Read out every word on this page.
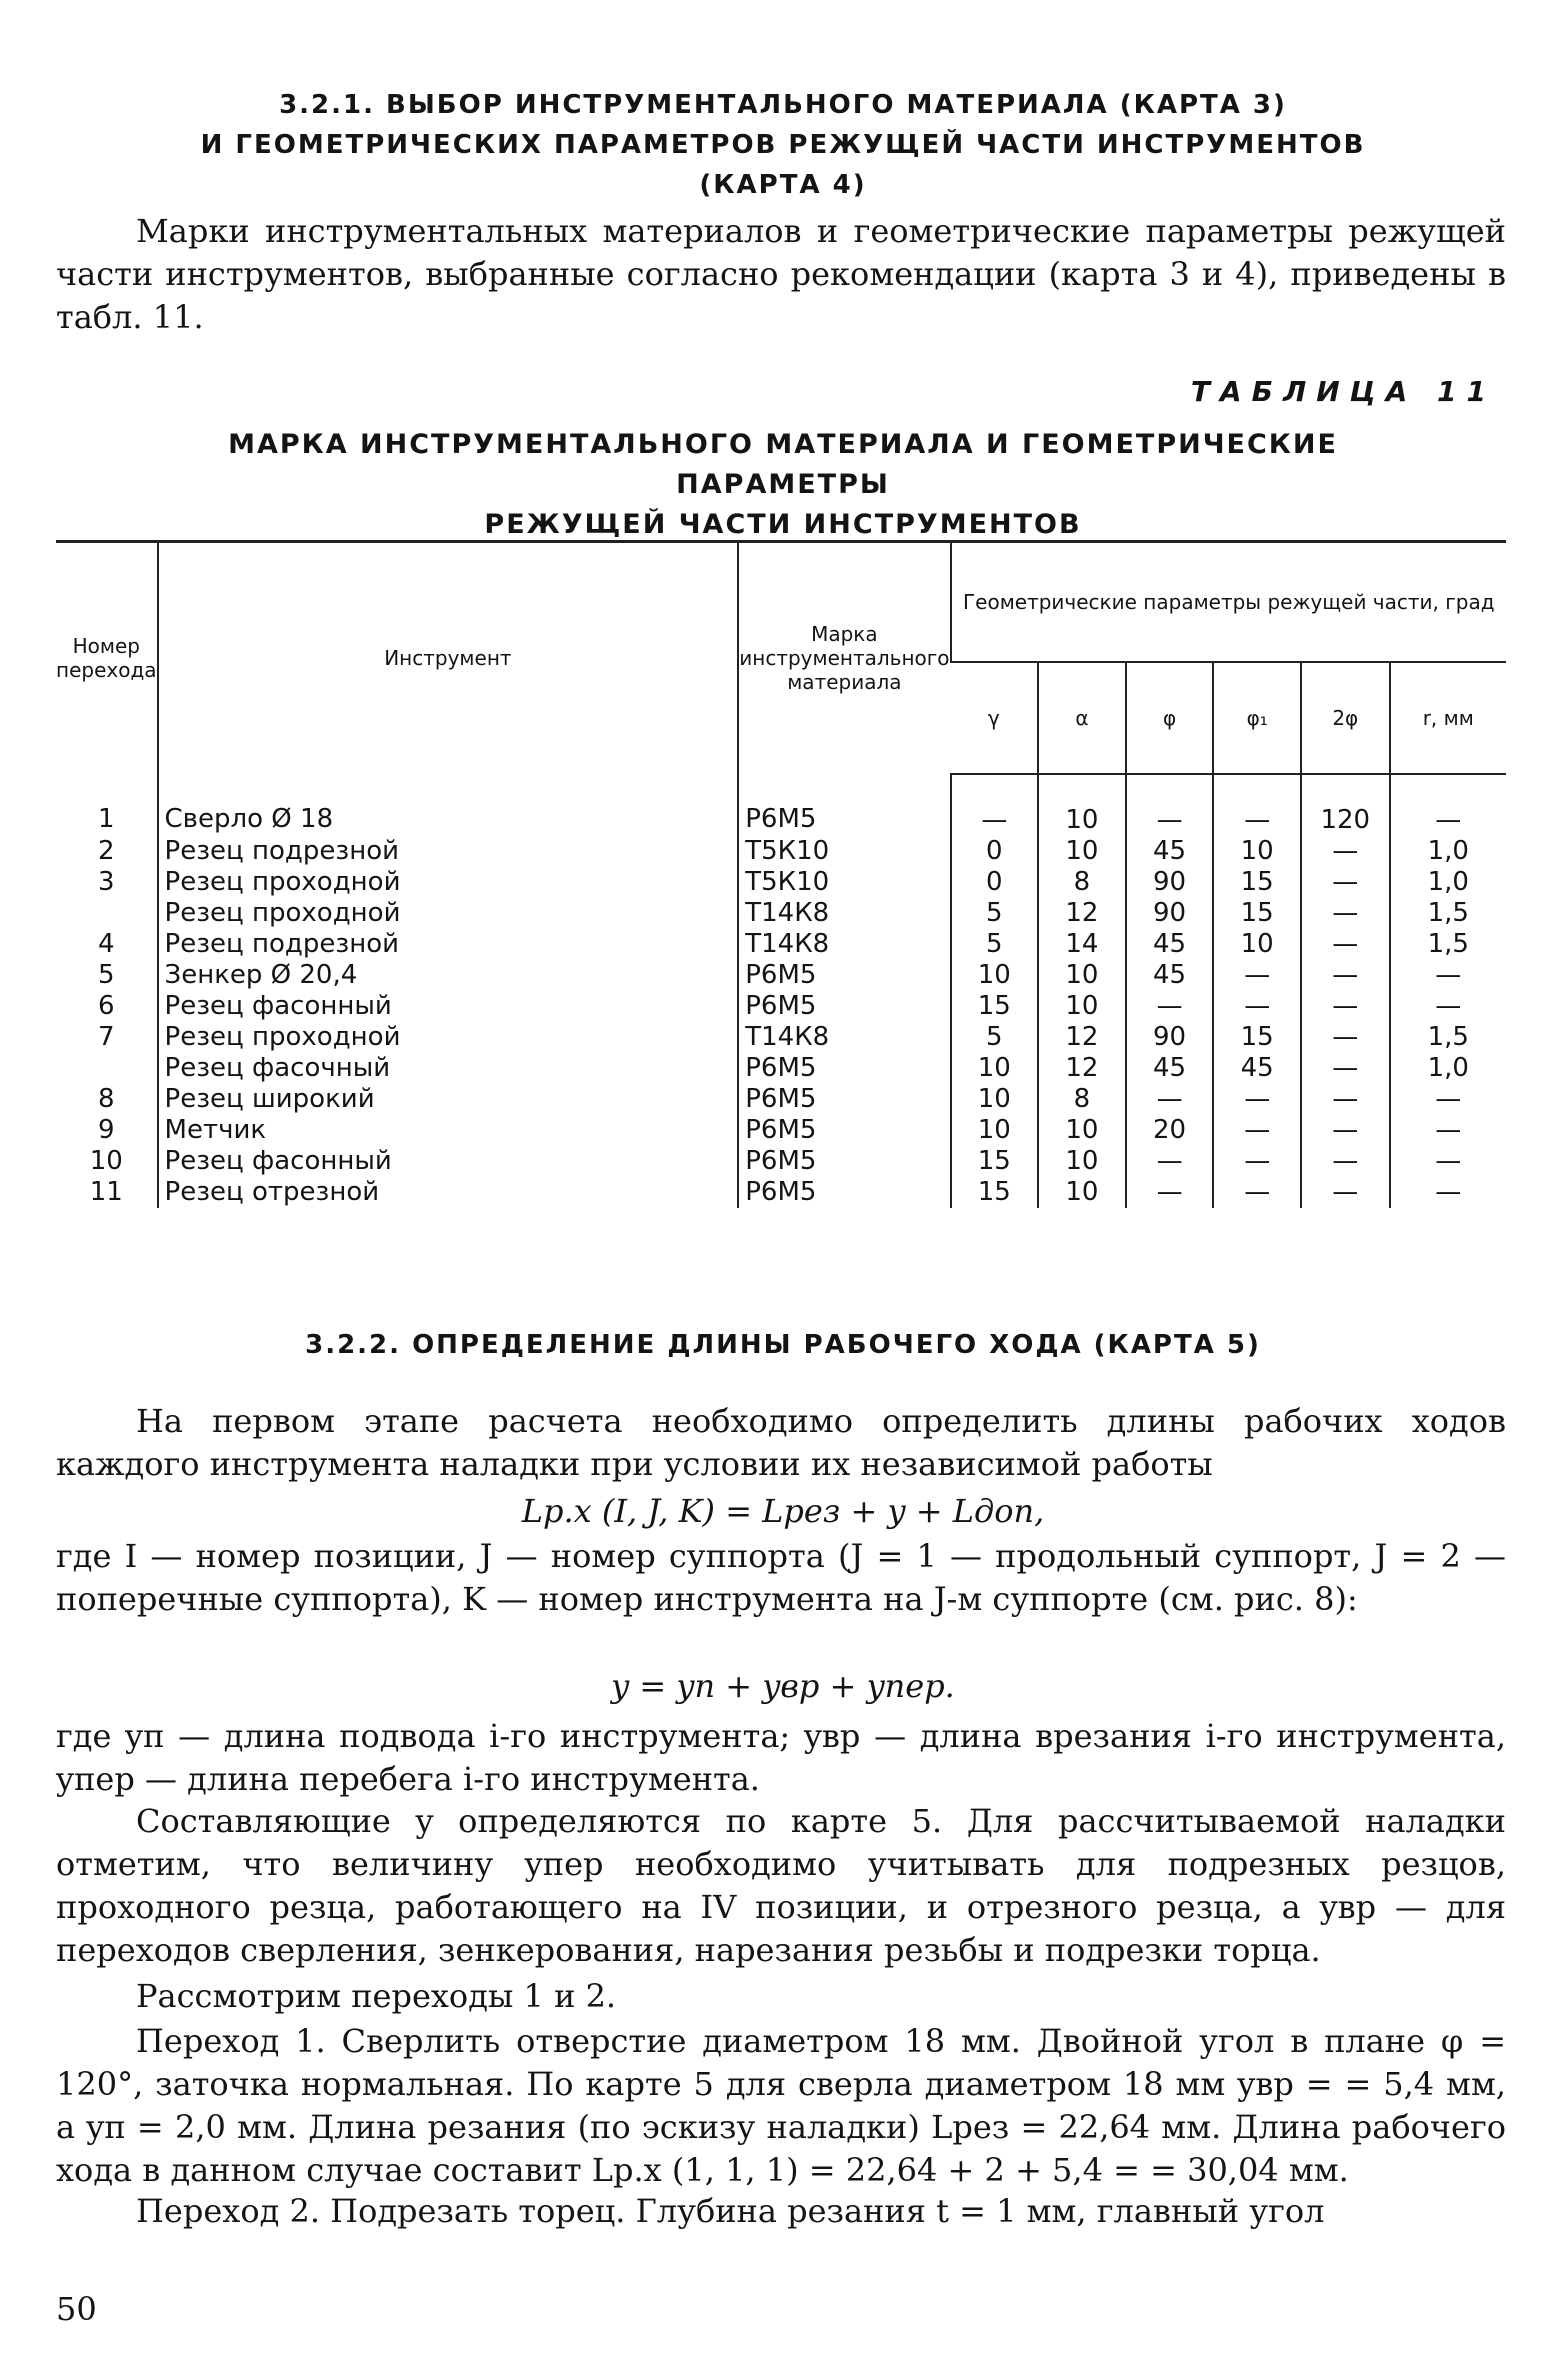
3.2.1. ВЫБОР ИНСТРУМЕНТАЛЬНОГО МАТЕРИАЛА (КАРТА 3)
И ГЕОМЕТРИЧЕСКИХ ПАРАМЕТРОВ РЕЖУЩЕЙ ЧАСТИ ИНСТРУМЕНТОВ
(КАРТА 4)

Марки инструментальных материалов и геометрические параметры режущей части инструментов, выбранные согласно рекомендации (карта 3 и 4), приведены в табл. 11.

ТАБЛИЦА 11
МАРКА ИНСТРУМЕНТАЛЬНОГО МАТЕРИАЛА И ГЕОМЕТРИЧЕСКИЕ ПАРАМЕТРЫ
РЕЖУЩЕЙ ЧАСТИ ИНСТРУМЕНТОВ
Номер перехода	Инструмент	Марка инструментального материала	Геометрические параметры режущей части, град					
			γ	α	φ	φ₁	2φ	r, мм
1	Сверло Ø 18	Р6М5	—	10	—	—	120	—
2	Резец подрезной	Т5К10	0	10	45	10	—	1,0
3	Резец проходной	Т5К10	0	8	90	15	—	1,0
	Резец проходной	Т14К8	5	12	90	15	—	1,5
4	Резец подрезной	Т14К8	5	14	45	10	—	1,5
5	Зенкер Ø 20,4	Р6М5	10	10	45	—	—	—
6	Резец фасонный	Р6М5	15	10	—	—	—	—
7	Резец проходной	Т14К8	5	12	90	15	—	1,5
	Резец фасочный	Р6М5	10	12	45	45	—	1,0
8	Резец широкий	Р6М5	10	8	—	—	—	—
9	Метчик	Р6М5	10	10	20	—	—	—
10	Резец фасонный	Р6М5	15	10	—	—	—	—
11	Резец отрезной	Р6М5	15	10	—	—	—	—
3.2.2. ОПРЕДЕЛЕНИЕ ДЛИНЫ РАБОЧЕГО ХОДА (КАРТА 5)

На первом этапе расчета необходимо определить длины рабочих ходов каждого инструмента наладки при условии их независимой работы

Lр.х (I, J, K) = Lрез + y + Lдоп,

где I — номер позиции, J — номер суппорта (J = 1 — продольный суппорт, J = 2 — поперечные суппорта), K — номер инструмента на J-м суппорте (см. рис. 8):

y = yп + yвр + yпер.

где yп — длина подвода i-го инструмента; yвр — длина врезания i-го инструмента, yпер — длина перебега i-го инструмента.

Составляющие y определяются по карте 5. Для рассчитываемой наладки отметим, что величину yпер необходимо учитывать для подрезных резцов, проходного резца, работающего на IV позиции, и отрезного резца, а yвр — для переходов сверления, зенкерования, нарезания резьбы и подрезки торца.

Рассмотрим переходы 1 и 2.

Переход 1. Сверлить отверстие диаметром 18 мм. Двойной угол в плане φ = 120°, заточка нормальная. По карте 5 для сверла диаметром 18 мм yвр = = 5,4 мм, а yп = 2,0 мм. Длина резания (по эскизу наладки) Lрез = 22,64 мм. Длина рабочего хода в данном случае составит Lр.х (1, 1, 1) = 22,64 + 2 + 5,4 = = 30,04 мм.

Переход 2. Подрезать торец. Глубина резания t = 1 мм, главный угол

50
